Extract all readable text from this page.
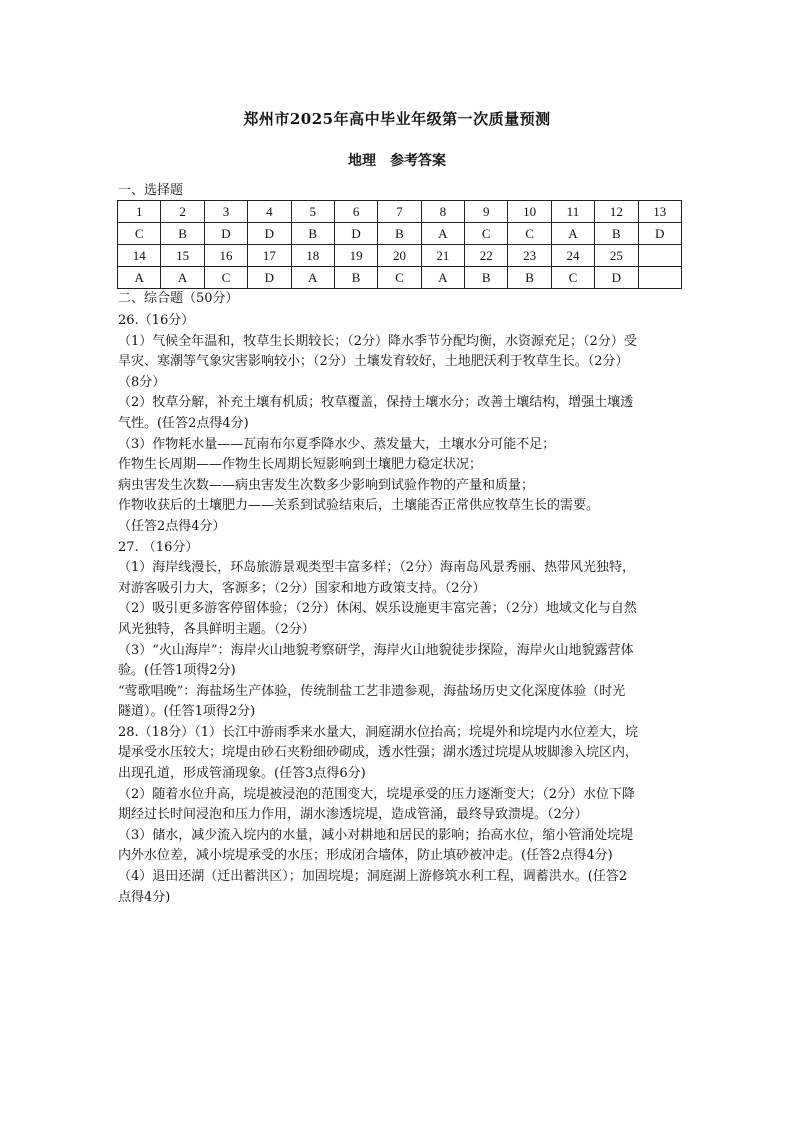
郑州市2025年高中毕业年级第一次质量预测
地理　参考答案
一、选择题
1	2	3	4	5	6	7	8	9	10	11	12	13
C	B	D	D	B	D	B	A	C	C	A	B	D
14	15	16	17	18	19	20	21	22	23	24	25	
A	A	C	D	A	B	C	A	B	B	C	D	
二、综合题（50分）

26.（16分）

（1）气候全年温和，牧草生长期较长；（2分）降水季节分配均衡，水资源充足；（2分）受

旱灾、寒潮等气象灾害影响较小；（2分）土壤发育较好，土地肥沃利于牧草生长。（2分）

（8分）

（2）牧草分解，补充土壤有机质；牧草覆盖，保持土壤水分；改善土壤结构，增强土壤透

气性。(任答2点得4分)

（3）作物耗水量——瓦南布尔夏季降水少、蒸发量大，土壤水分可能不足；

作物生长周期——作物生长周期长短影响到土壤肥力稳定状况；

病虫害发生次数——病虫害发生次数多少影响到试验作物的产量和质量；

作物收获后的土壤肥力——关系到试验结束后，土壤能否正常供应牧草生长的需要。

（任答2点得4分）

27. （16分）

（1）海岸线漫长，环岛旅游景观类型丰富多样；（2分）海南岛风景秀丽、热带风光独特，

对游客吸引力大，客源多；（2分）国家和地方政策支持。（2分）

（2）吸引更多游客停留体验；（2分）休闲、娱乐设施更丰富完善；（2分）地域文化与自然

风光独特，各具鲜明主题。（2分）

（3）“火山海岸”：海岸火山地貌考察研学，海岸火山地貌徒步探险，海岸火山地貌露营体

验。(任答1项得2分)

“莺歌唱晚”：海盐场生产体验，传统制盐工艺非遗参观，海盐场历史文化深度体验（时光

隧道）。(任答1项得2分)

28.（18分）（1）长江中游雨季来水量大，洞庭湖水位抬高；垸堤外和垸堤内水位差大，垸

堤承受水压较大；垸堤由砂石夹粉细砂砌成，透水性强；湖水透过垸堤从坡脚渗入垸区内，

出现孔道，形成管涌现象。(任答3点得6分)

（2）随着水位升高，垸堤被浸泡的范围变大，垸堤承受的压力逐渐变大；（2分）水位下降

期经过长时间浸泡和压力作用，湖水渗透垸堤，造成管涌，最终导致溃堤。（2分）

（3）储水，减少流入垸内的水量，减小对耕地和居民的影响；抬高水位，缩小管涌处垸堤

内外水位差，减小垸堤承受的水压；形成闭合墙体，防止填砂被冲走。(任答2点得4分)

（4）退田还湖（迁出蓄洪区）；加固垸堤；洞庭湖上游修筑水利工程，调蓄洪水。(任答2

点得4分)
